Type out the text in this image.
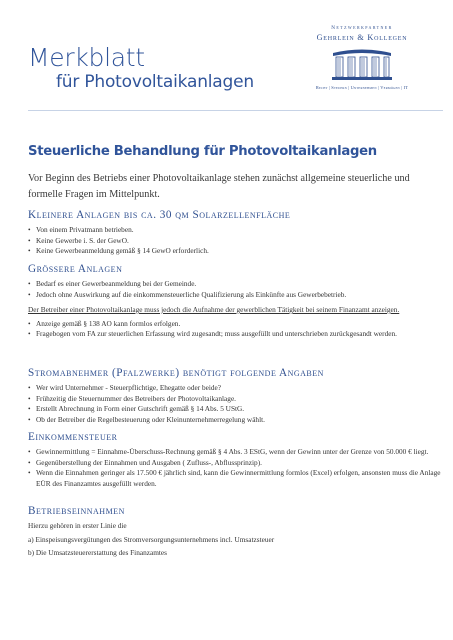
Merkblatt
für Photovoltaikanlagen
Netzwerkpartner
Gehrlein & Kollegen
Recht | Steuern | Unternehmen | Vermögen | IT
Steuerliche Behandlung für Photovoltaikanlagen

Vor Beginn des Betriebs einer Photovoltaikanlage stehen zunächst allgemeine steuerliche und formelle Fragen im Mittelpunkt.

Kleinere Anlagen bis ca. 30 qm Solarzellenfläche
• Von einem Privatmann betrieben.
• Keine Gewerbe i. S. der GewO.
• Keine Gewerbeanmeldung gemäß § 14 GewO erforderlich.
Grössere Anlagen
• Bedarf es einer Gewerbeanmeldung bei der Gemeinde.
• Jedoch ohne Auswirkung auf die einkommensteuerliche Qualifizierung als Einkünfte aus Gewerbebetrieb.

Der Betreiber einer Photovoltaikanlage muss jedoch die Aufnahme der gewerblichen Tätigkeit bei seinem Finanzamt anzeigen.

• Anzeige gemäß § 138 AO kann formlos erfolgen.
• Fragebogen vom FA zur steuerlichen Erfassung wird zugesandt; muss ausgefüllt und unterschrieben zurückgesandt werden.
Stromabnehmer (Pfalzwerke) benötigt folgende Angaben
• Wer wird Unternehmer - Steuerpflichtige, Ehegatte oder beide?
• Frühzeitig die Steuernummer des Betreibers der Photovoltaikanlage.
• Erstellt Abrechnung in Form einer Gutschrift gemäß § 14 Abs. 5 UStG.
• Ob der Betreiber die Regelbesteuerung oder Kleinunternehmerregelung wählt.
Einkommensteuer
• Gewinnermittlung = Einnahme-Überschuss-Rechnung gemäß § 4 Abs. 3 EStG, wenn der Gewinn unter der Grenze von 50.000 € liegt.
• Gegenüberstellung der Einnahmen und Ausgaben ( Zufluss-, Abflussprinzip).
• Wenn die Einnahmen geringer als 17.500 € jährlich sind, kann die Gewinnermittlung formlos (Excel) erfolgen, ansonsten muss die Anlage EÜR des Finanzamtes ausgefüllt werden.
Betriebseinnahmen

Hierzu gehören in erster Linie die

a) Einspeisungsvergütungen des Stromversorgungsunternehmens incl. Umsatzsteuer

b) Die Umsatzsteuererstattung des Finanzamtes
